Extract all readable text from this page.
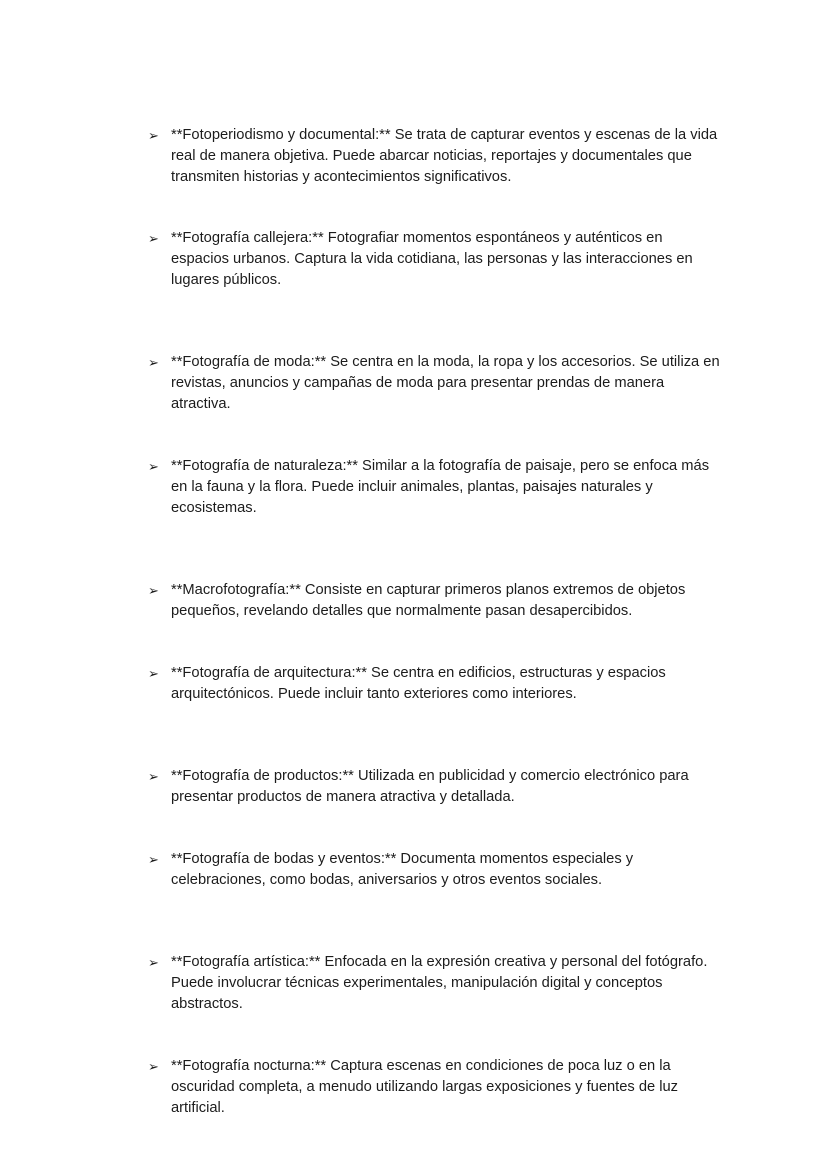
➢ **Fotoperiodismo y documental:** Se trata de capturar eventos y escenas de la vida real de manera objetiva. Puede abarcar noticias, reportajes y documentales que transmiten historias y acontecimientos significativos.
➢ **Fotografía callejera:** Fotografiar momentos espontáneos y auténticos en espacios urbanos. Captura la vida cotidiana, las personas y las interacciones en lugares públicos.
➢ **Fotografía de moda:** Se centra en la moda, la ropa y los accesorios. Se utiliza en revistas, anuncios y campañas de moda para presentar prendas de manera atractiva.
➢ **Fotografía de naturaleza:** Similar a la fotografía de paisaje, pero se enfoca más en la fauna y la flora. Puede incluir animales, plantas, paisajes naturales y ecosistemas.
➢ **Macrofotografía:** Consiste en capturar primeros planos extremos de objetos pequeños, revelando detalles que normalmente pasan desapercibidos.
➢ **Fotografía de arquitectura:** Se centra en edificios, estructuras y espacios arquitectónicos. Puede incluir tanto exteriores como interiores.
➢ **Fotografía de productos:** Utilizada en publicidad y comercio electrónico para presentar productos de manera atractiva y detallada.
➢ **Fotografía de bodas y eventos:** Documenta momentos especiales y celebraciones, como bodas, aniversarios y otros eventos sociales.
➢ **Fotografía artística:** Enfocada en la expresión creativa y personal del fotógrafo. Puede involucrar técnicas experimentales, manipulación digital y conceptos abstractos.
➢ **Fotografía nocturna:** Captura escenas en condiciones de poca luz o en la oscuridad completa, a menudo utilizando largas exposiciones y fuentes de luz artificial.
